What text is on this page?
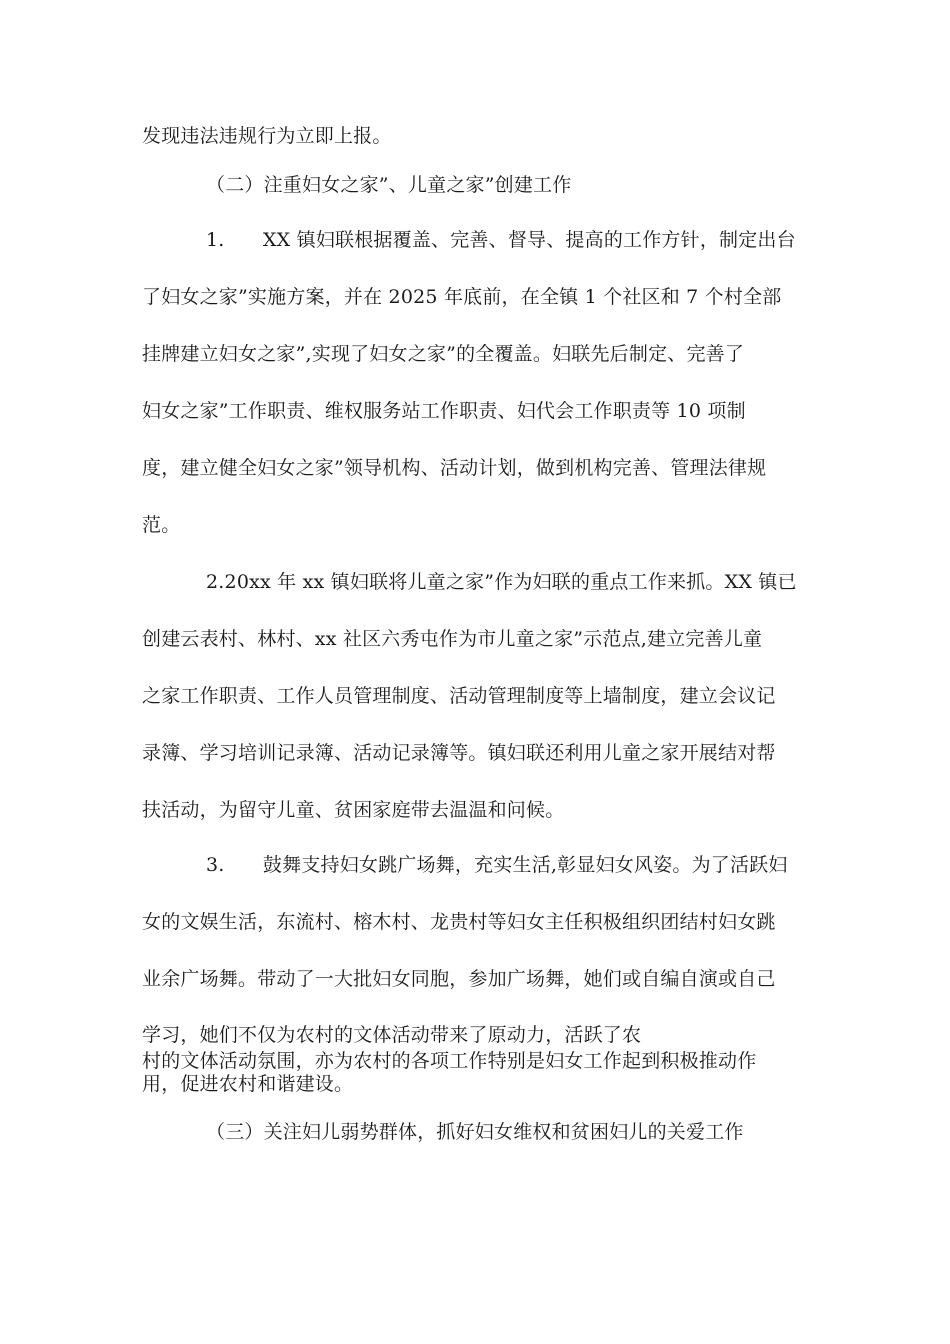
发现违法违规行为立即上报。
（二）注重妇女之家”、儿童之家”创建工作
1.　　XX 镇妇联根据覆盖、完善、督导、提高的工作方针，制定出台
了妇女之家”实施方案，并在 2025 年底前，在全镇 1 个社区和 7 个村全部
挂牌建立妇女之家”,实现了妇女之家”的全覆盖。妇联先后制定、完善了
妇女之家”工作职责、维权服务站工作职责、妇代会工作职责等 10 项制
度，建立健全妇女之家”领导机构、活动计划，做到机构完善、管理法律规
范。
2.20xx 年 xx 镇妇联将儿童之家”作为妇联的重点工作来抓。XX 镇已
创建云表村、林村、xx 社区六秀屯作为市儿童之家”示范点,建立完善儿童
之家工作职责、工作人员管理制度、活动管理制度等上墙制度，建立会议记
录簿、学习培训记录簿、活动记录簿等。镇妇联还利用儿童之家开展结对帮
扶活动，为留守儿童、贫困家庭带去温温和问候。
3.　　鼓舞支持妇女跳广场舞，充实生活,彰显妇女风姿。为了活跃妇
女的文娱生活，东流村、榕木村、龙贵村等妇女主任积极组织团结村妇女跳
业余广场舞。带动了一大批妇女同胞，参加广场舞，她们或自编自演或自己
学习，她们不仅为农村的文体活动带来了原动力，活跃了农
村的文体活动氛围，亦为农村的各项工作特别是妇女工作起到积极推动作
用，促进农村和谐建设。
（三）关注妇儿弱势群体，抓好妇女维权和贫困妇儿的关爱工作
